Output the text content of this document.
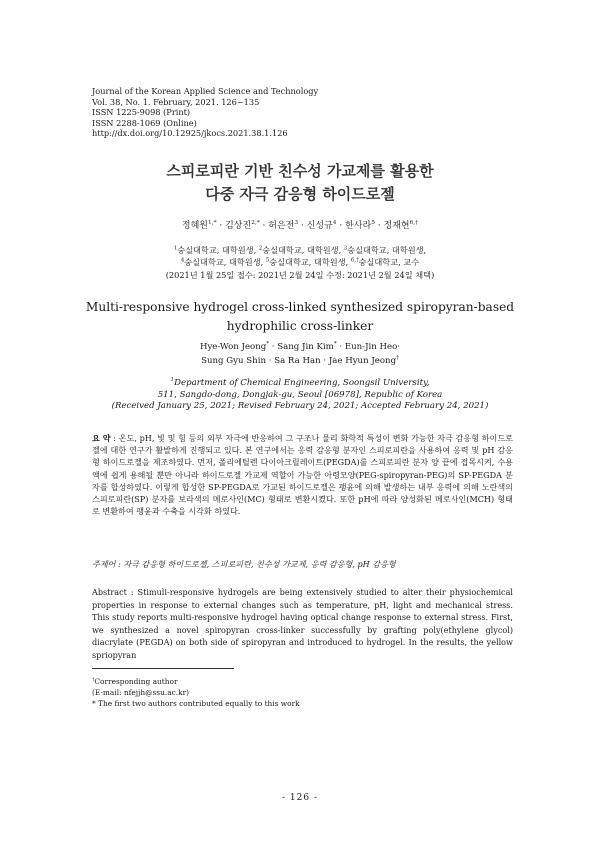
Journal of the Korean Applied Science and Technology
Vol. 38, No. 1. February, 2021. 126~135
ISSN 1225-9098 (Print)
ISSN 2288-1069 (Online)
http://dx.doi.org/10.12925/jkocs.2021.38.1.126
스피로피란 기반 친수성 가교제를 활용한
다중 자극 감응형 하이드로젤
정혜원$^{1,*}$ · 김상진$^{2,*}$ · 허은전$^3$ · 신성규$^4$ · 한사라$^5$ · 정재현$^{6,\dagger}$
$^1$숭실대학교, 대학원생, $^2$숭실대학교, 대학원생, $^3$숭실대학교, 대학원생,
$^4$숭실대학교, 대학원생, $^5$숭실대학교, 대학원생, $^{6,\dagger}$숭실대학교, 교수
(2021년 1월 25일 접수: 2021년 2월 24일 수정: 2021년 2월 24일 채택)
Multi-responsive hydrogel cross-linked synthesized spiropyran-based
hydrophilic cross-linker
Hye-Won Jeong* · Sang Jin Kim* · Eun-Jin Heo·
Sung Gyu Shin · Sa Ra Han · Jae Hyun Jeong†
$^1$Department of Chemical Engineering, Soongsil University,
511, Sangdo-dong, Dongjak-gu, Seoul [06978], Republic of Korea
(Received January 25, 2021; Revised February 24, 2021; Accepted February 24, 2021)
요 약 : 온도, pH, 빛 및 힘 등의 외부 자극에 반응하여 그 구조나 물리 화학적 특성이 변화 가능한 자극 감응형 하이드로젤에 대한 연구가 활발하게 진행되고 있다. 본 연구에서는 응력 감응형 분자인 스피로피란을 사용하여 응력 및 pH 감응형 하이드로젤을 제조하였다. 먼저, 폴리에틸렌 다이아크릴레이트(PEGDA)를 스피로피란 분자 양 끝에 접목시켜, 수용액에 쉽게 용해될 뿐만 아니라 하이드로젤 가교제 역할이 가능한 아령모양(PEG-spiropyran-PEG)의 SP-PEGDA 분자를 합성하였다. 이렇게 합성한 SP-PEGDA로 가교된 하이드로젤은 팽윤에 의해 발생하는 내부 응력에 의해 노란색의 스피로피란(SP) 분자를 보라색의 메로사인(MC) 형태로 변환시켰다. 또한 pH에 따라 양성화된 메로사인(MCH) 형태로 변환하여 팽윤과 수축을 시각화 하였다.
주제어 : 자극 감응형 하이드로젤, 스피로피란, 친수성 가교제, 응력 감응형, pH 감응형
Abstract : Stimuli-responsive hydrogels are being extensively studied to alter their physiochemical properties in response to external changes such as temperature, pH, light and mechanical stress. This study reports multi-responsive hydrogel having optical change response to external stress. First, we synthesized a novel spiropyran cross-linker successfully by grafting poly(ethylene glycol) diacrylate (PEGDA) on both side of spiropyran and introduced to hydrogel. In the results, the yellow spriopyran
†Corresponding author
(E-mail: nfejjh@ssu.ac.kr)
* The first two authors contributed equally to this work
- 126 -
